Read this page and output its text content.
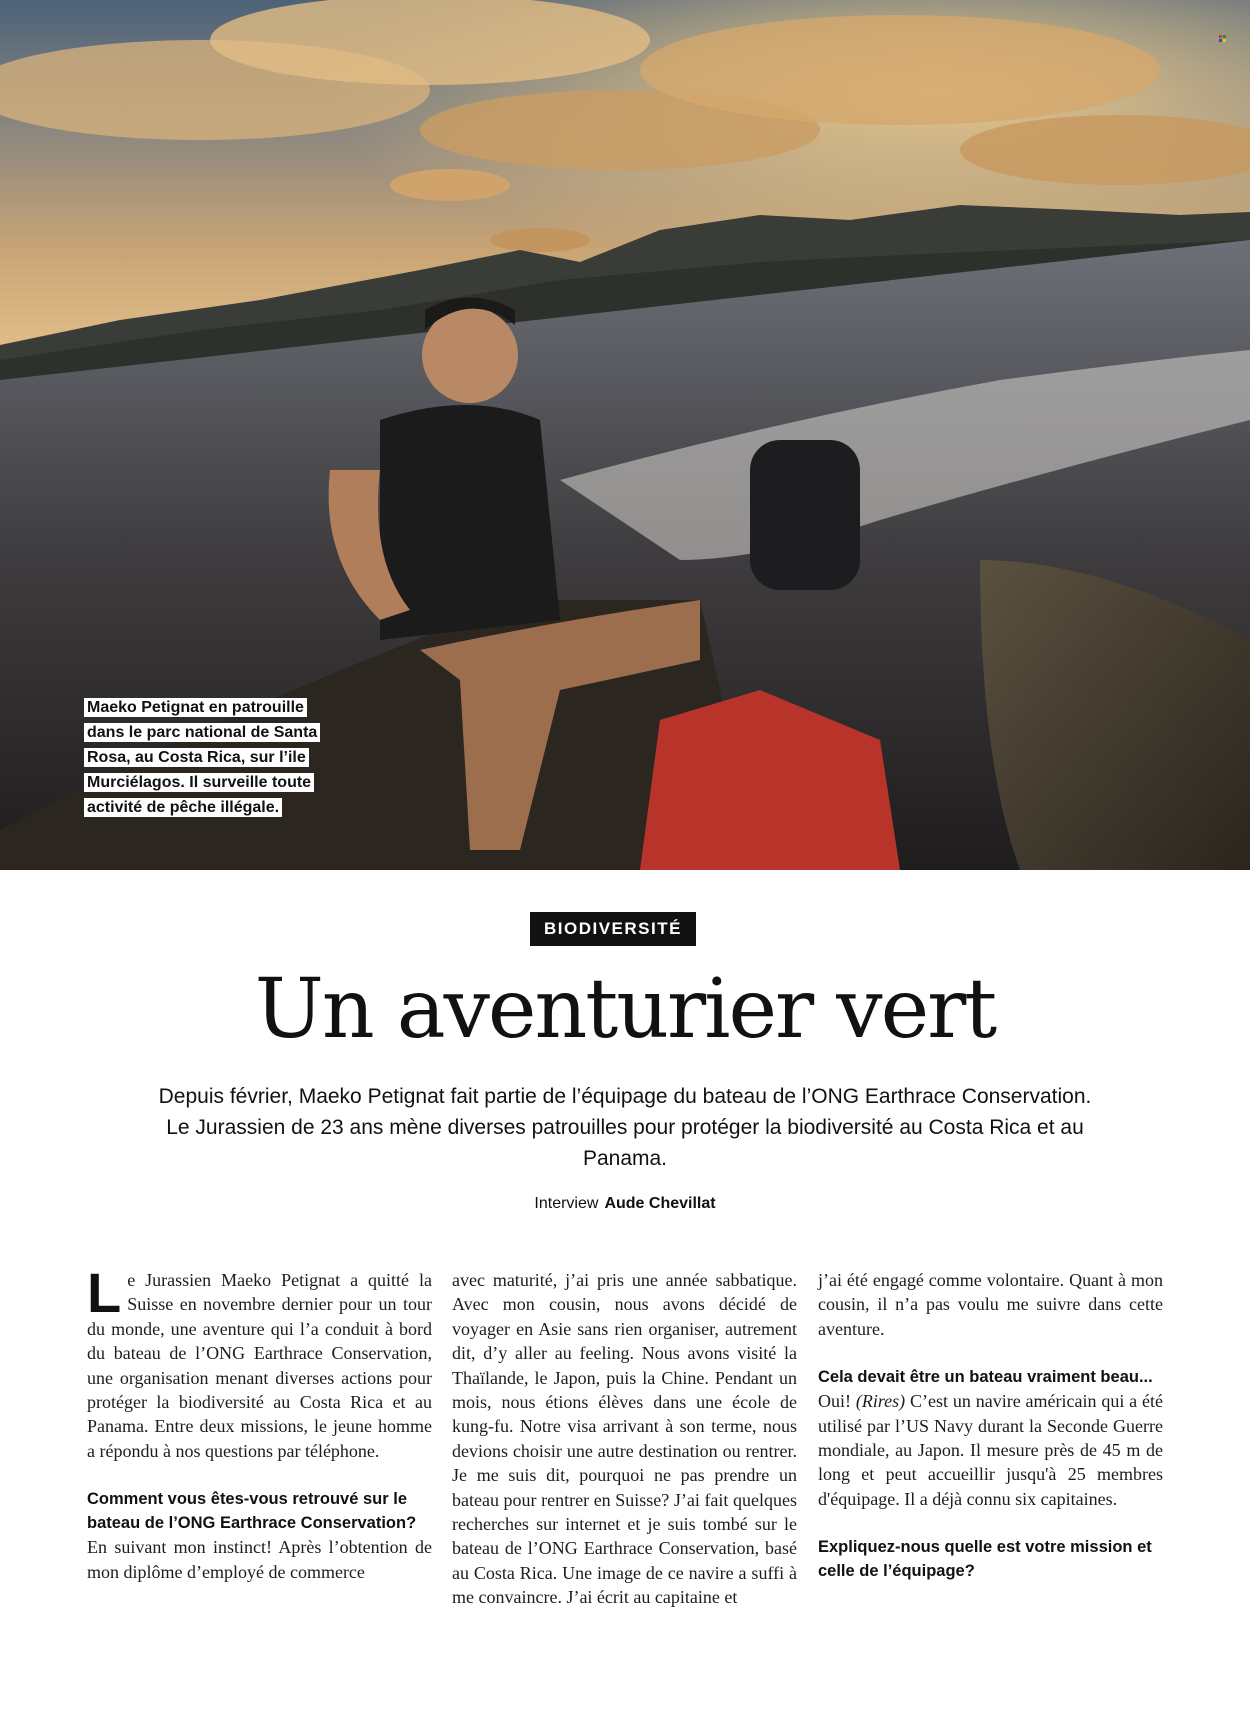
Maeko Petignat en patrouille dans le parc national de Santa Rosa, au Costa Rica, sur l’ile Murciélagos. Il surveille toute activité de pêche illégale.
BIODIVERSITÉ
Un aventurier vert
Depuis février, Maeko Petignat fait partie de l’équipage du bateau de l’ONG Earthrace Conservation. Le Jurassien de 23 ans mène diverses patrouilles pour protéger la biodiversité au Costa Rica et au Panama.
Interview Aude Chevillat

Le Jurassien Maeko Petignat a quitté la Suisse en novembre dernier pour un tour du monde, une aventure qui l’a conduit à bord du bateau de l’ONG Earthrace Conservation, une organisation menant diverses actions pour protéger la biodiversité au Costa Rica et au Panama. Entre deux missions, le jeune homme a répondu à nos questions par téléphone.

Comment vous êtes-vous retrouvé sur le bateau de l’ONG Earthrace Conservation?

En suivant mon instinct! Après l’obtention de mon diplôme d’employé de commerce

avec maturité, j’ai pris une année sabbatique. Avec mon cousin, nous avons décidé de voyager en Asie sans rien organiser, autrement dit, d’y aller au feeling. Nous avons visité la Thaïlande, le Japon, puis la Chine. Pendant un mois, nous étions élèves dans une école de kung-fu. Notre visa arrivant à son terme, nous devions choisir une autre destination ou rentrer. Je me suis dit, pourquoi ne pas prendre un bateau pour rentrer en Suisse? J’ai fait quelques recherches sur internet et je suis tombé sur le bateau de l’ONG Earthrace Conservation, basé au Costa Rica. Une image de ce navire a suffi à me convaincre. J’ai écrit au capitaine et

j’ai été engagé comme volontaire. Quant à mon cousin, il n’a pas voulu me suivre dans cette aventure.

Cela devait être un bateau vraiment beau...

Oui! (Rires) C’est un navire américain qui a été utilisé par l’US Navy durant la Seconde Guerre mondiale, au Japon. Il mesure près de 45 m de long et peut accueillir jusqu'à 25 membres d'équipage. Il a déjà connu six capitaines.

Expliquez-nous quelle est votre mission et celle de l’équipage?
